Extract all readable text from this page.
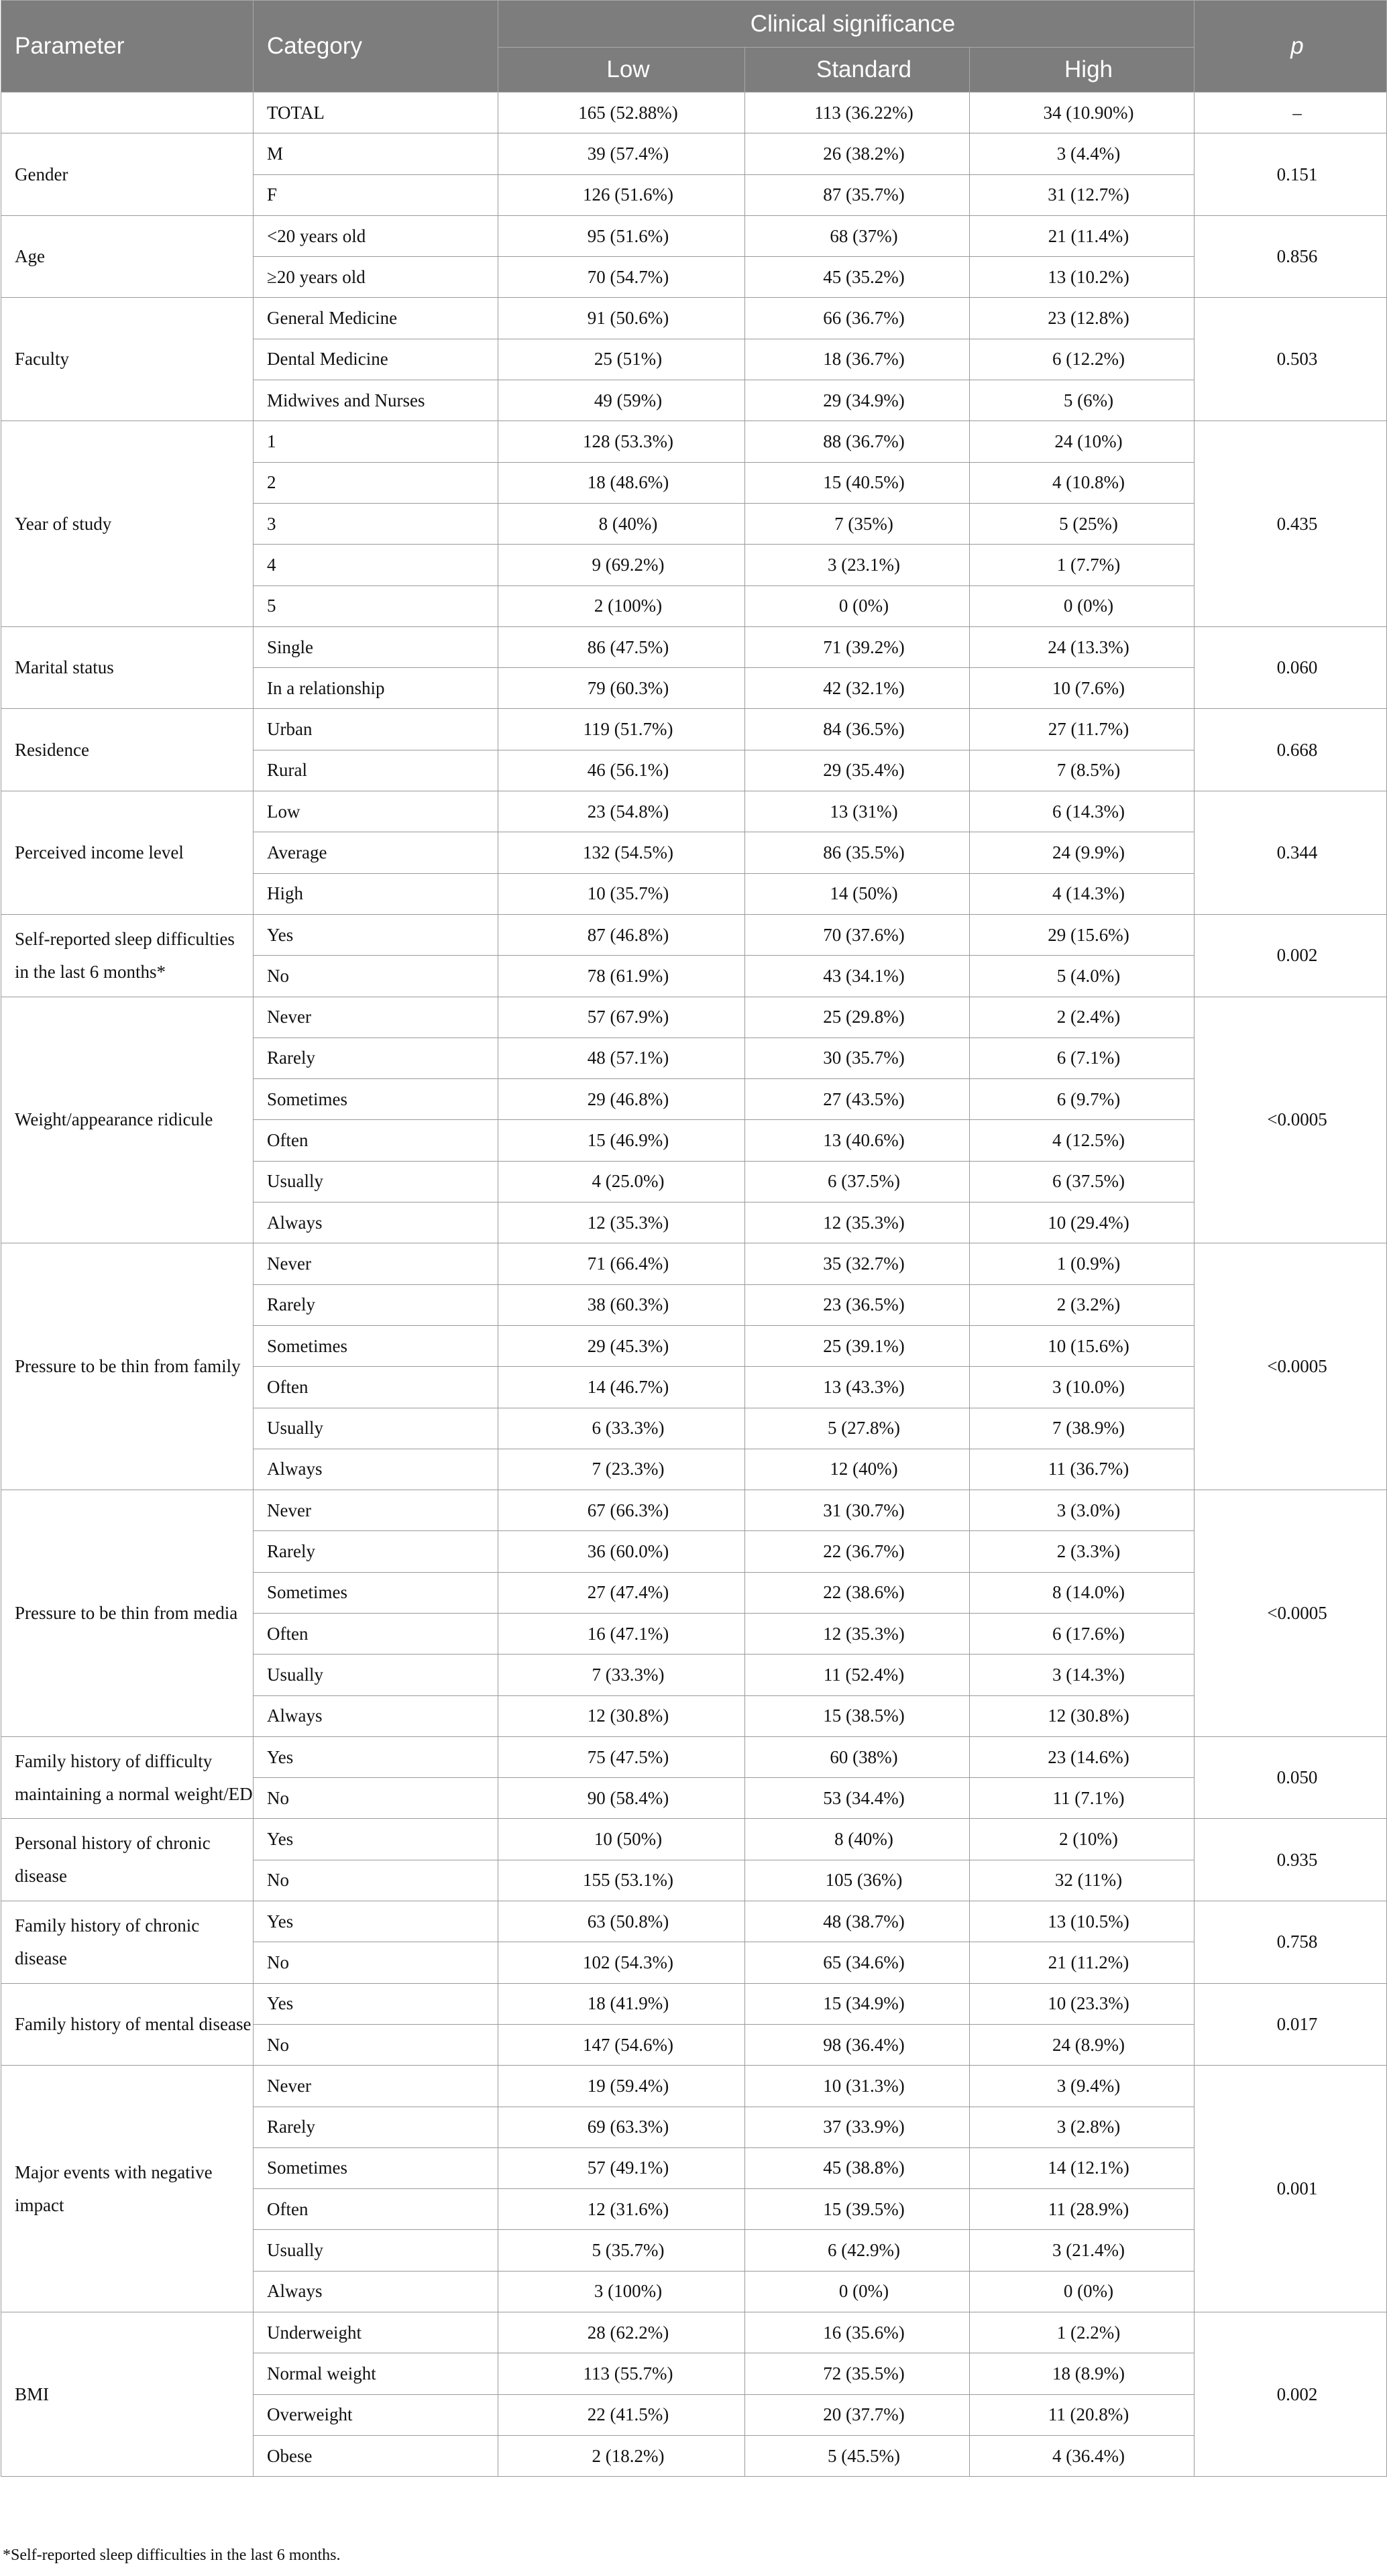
Parameter	Category	Clinical significance			p
		Low	Standard	High	
	TOTAL	165 (52.88%)	113 (36.22%)	34 (10.90%)	–
Gender	M	39 (57.4%)	26 (38.2%)	3 (4.4%)	0.151
	F	126 (51.6%)	87 (35.7%)	31 (12.7%)	
Age	<20 years old	95 (51.6%)	68 (37%)	21 (11.4%)	0.856
	≥20 years old	70 (54.7%)	45 (35.2%)	13 (10.2%)	
Faculty	General Medicine	91 (50.6%)	66 (36.7%)	23 (12.8%)	0.503
	Dental Medicine	25 (51%)	18 (36.7%)	6 (12.2%)	
	Midwives and Nurses	49 (59%)	29 (34.9%)	5 (6%)	
Year of study	1	128 (53.3%)	88 (36.7%)	24 (10%)	0.435
	2	18 (48.6%)	15 (40.5%)	4 (10.8%)	
	3	8 (40%)	7 (35%)	5 (25%)	
	4	9 (69.2%)	3 (23.1%)	1 (7.7%)	
	5	2 (100%)	0 (0%)	0 (0%)	
Marital status	Single	86 (47.5%)	71 (39.2%)	24 (13.3%)	0.060
	In a relationship	79 (60.3%)	42 (32.1%)	10 (7.6%)	
Residence	Urban	119 (51.7%)	84 (36.5%)	27 (11.7%)	0.668
	Rural	46 (56.1%)	29 (35.4%)	7 (8.5%)	
Perceived income level	Low	23 (54.8%)	13 (31%)	6 (14.3%)	0.344
	Average	132 (54.5%)	86 (35.5%)	24 (9.9%)	
	High	10 (35.7%)	14 (50%)	4 (14.3%)	
Self-reported sleep difficulties in the last 6 months*	Yes	87 (46.8%)	70 (37.6%)	29 (15.6%)	0.002
	No	78 (61.9%)	43 (34.1%)	5 (4.0%)	
Weight/appearance ridicule	Never	57 (67.9%)	25 (29.8%)	2 (2.4%)	<0.0005
	Rarely	48 (57.1%)	30 (35.7%)	6 (7.1%)	
	Sometimes	29 (46.8%)	27 (43.5%)	6 (9.7%)	
	Often	15 (46.9%)	13 (40.6%)	4 (12.5%)	
	Usually	4 (25.0%)	6 (37.5%)	6 (37.5%)	
	Always	12 (35.3%)	12 (35.3%)	10 (29.4%)	
Pressure to be thin from family	Never	71 (66.4%)	35 (32.7%)	1 (0.9%)	<0.0005
	Rarely	38 (60.3%)	23 (36.5%)	2 (3.2%)	
	Sometimes	29 (45.3%)	25 (39.1%)	10 (15.6%)	
	Often	14 (46.7%)	13 (43.3%)	3 (10.0%)	
	Usually	6 (33.3%)	5 (27.8%)	7 (38.9%)	
	Always	7 (23.3%)	12 (40%)	11 (36.7%)	
Pressure to be thin from media	Never	67 (66.3%)	31 (30.7%)	3 (3.0%)	<0.0005
	Rarely	36 (60.0%)	22 (36.7%)	2 (3.3%)	
	Sometimes	27 (47.4%)	22 (38.6%)	8 (14.0%)	
	Often	16 (47.1%)	12 (35.3%)	6 (17.6%)	
	Usually	7 (33.3%)	11 (52.4%)	3 (14.3%)	
	Always	12 (30.8%)	15 (38.5%)	12 (30.8%)	
Family history of difficulty maintaining a normal weight/ED	Yes	75 (47.5%)	60 (38%)	23 (14.6%)	0.050
	No	90 (58.4%)	53 (34.4%)	11 (7.1%)	
Personal history of chronic disease	Yes	10 (50%)	8 (40%)	2 (10%)	0.935
	No	155 (53.1%)	105 (36%)	32 (11%)	
Family history of chronic disease	Yes	63 (50.8%)	48 (38.7%)	13 (10.5%)	0.758
	No	102 (54.3%)	65 (34.6%)	21 (11.2%)	
Family history of mental disease	Yes	18 (41.9%)	15 (34.9%)	10 (23.3%)	0.017
	No	147 (54.6%)	98 (36.4%)	24 (8.9%)	
Major events with negative impact	Never	19 (59.4%)	10 (31.3%)	3 (9.4%)	0.001
	Rarely	69 (63.3%)	37 (33.9%)	3 (2.8%)	
	Sometimes	57 (49.1%)	45 (38.8%)	14 (12.1%)	
	Often	12 (31.6%)	15 (39.5%)	11 (28.9%)	
	Usually	5 (35.7%)	6 (42.9%)	3 (21.4%)	
	Always	3 (100%)	0 (0%)	0 (0%)	
BMI	Underweight	28 (62.2%)	16 (35.6%)	1 (2.2%)	0.002
	Normal weight	113 (55.7%)	72 (35.5%)	18 (8.9%)	
	Overweight	22 (41.5%)	20 (37.7%)	11 (20.8%)	
	Obese	2 (18.2%)	5 (45.5%)	4 (36.4%)	
*Self-reported sleep difficulties in the last 6 months.
